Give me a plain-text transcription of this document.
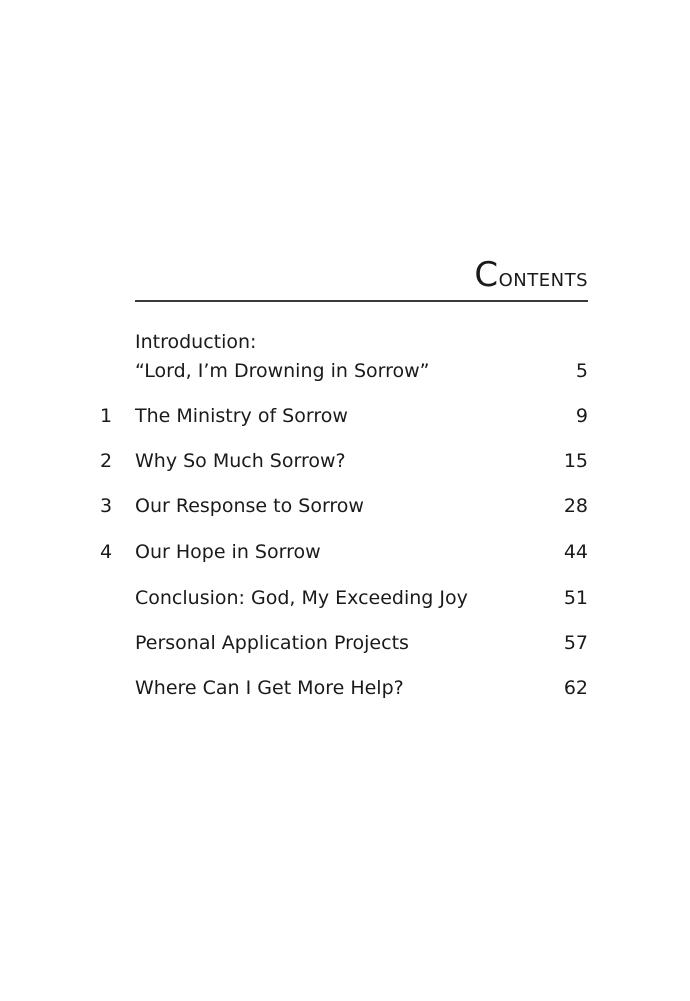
Contents
Introduction:
“Lord, I’m Drowning in Sorrow”	5
1	The Ministry of Sorrow	9
2	Why So Much Sorrow?	15
3	Our Response to Sorrow	28
4	Our Hope in Sorrow	44
Conclusion: God, My Exceeding Joy	51
Personal Application Projects	57
Where Can I Get More Help?	62
